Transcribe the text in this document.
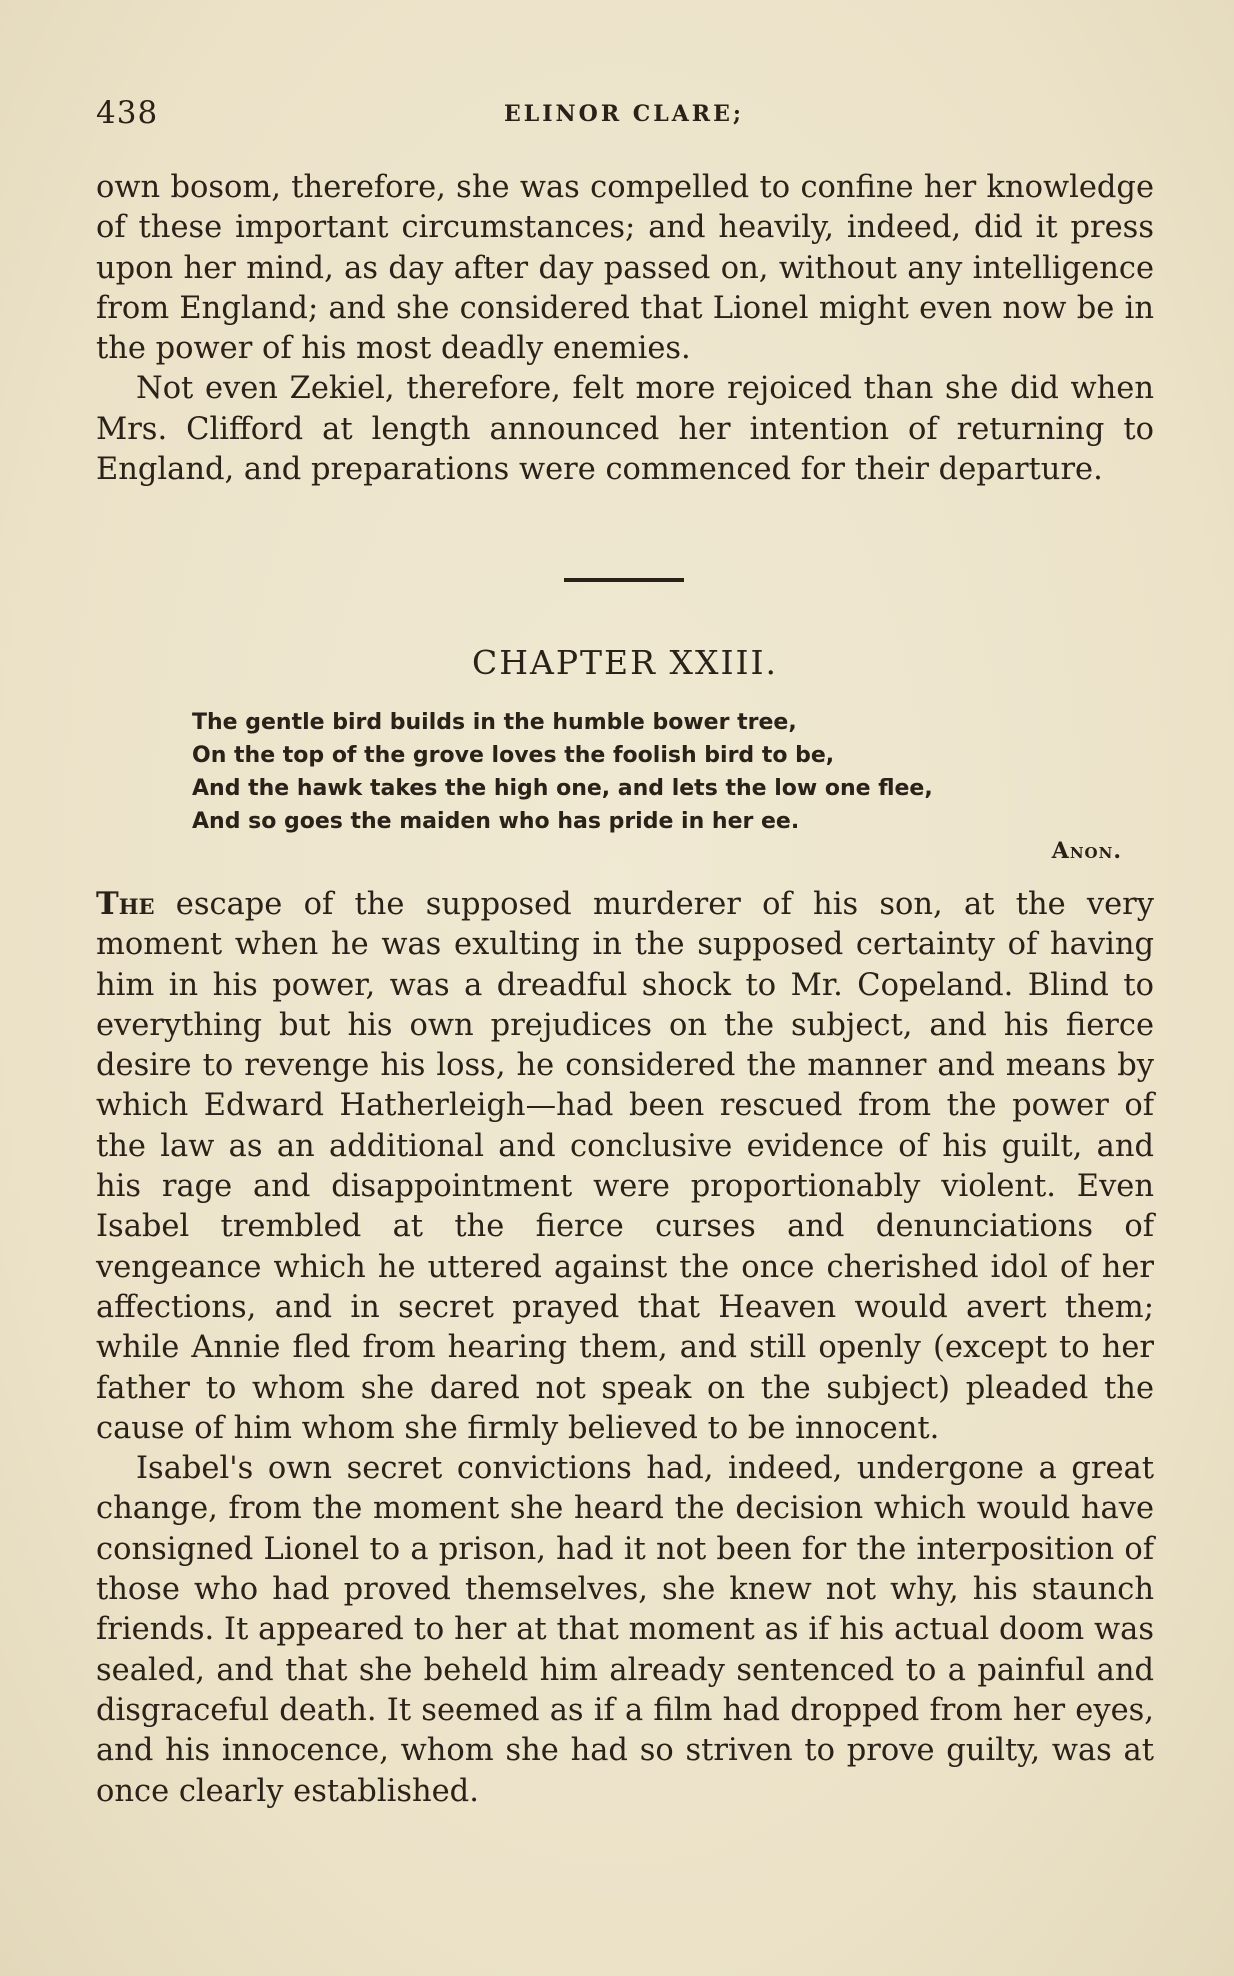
438	ELINOR CLARE;

own bosom, therefore, she was compelled to confine her knowledge of these important circumstances; and heavily, indeed, did it press upon her mind, as day after day passed on, without any intelligence from England; and she considered that Lionel might even now be in the power of his most deadly enemies.

Not even Zekiel, therefore, felt more rejoiced than she did when Mrs. Clifford at length announced her intention of returning to England, and preparations were commenced for their departure.

CHAPTER XXIII.
The gentle bird builds in the humble bower tree,
On the top of the grove loves the foolish bird to be,
And the hawk takes the high one, and lets the low one flee,
And so goes the maiden who has pride in her ee.
Anon.

The escape of the supposed murderer of his son, at the very moment when he was exulting in the supposed certainty of having him in his power, was a dreadful shock to Mr. Copeland. Blind to everything but his own prejudices on the subject, and his fierce desire to revenge his loss, he considered the manner and means by which Edward Hatherleigh—had been rescued from the power of the law as an additional and conclusive evidence of his guilt, and his rage and disappointment were proportionably violent. Even Isabel trembled at the fierce curses and denunciations of vengeance which he uttered against the once cherished idol of her affections, and in secret prayed that Heaven would avert them; while Annie fled from hearing them, and still openly (except to her father to whom she dared not speak on the subject) pleaded the cause of him whom she firmly believed to be innocent.

Isabel's own secret convictions had, indeed, undergone a great change, from the moment she heard the decision which would have consigned Lionel to a prison, had it not been for the interposition of those who had proved themselves, she knew not why, his staunch friends. It appeared to her at that moment as if his actual doom was sealed, and that she beheld him already sentenced to a painful and disgraceful death. It seemed as if a film had dropped from her eyes, and his innocence, whom she had so striven to prove guilty, was at once clearly established.
